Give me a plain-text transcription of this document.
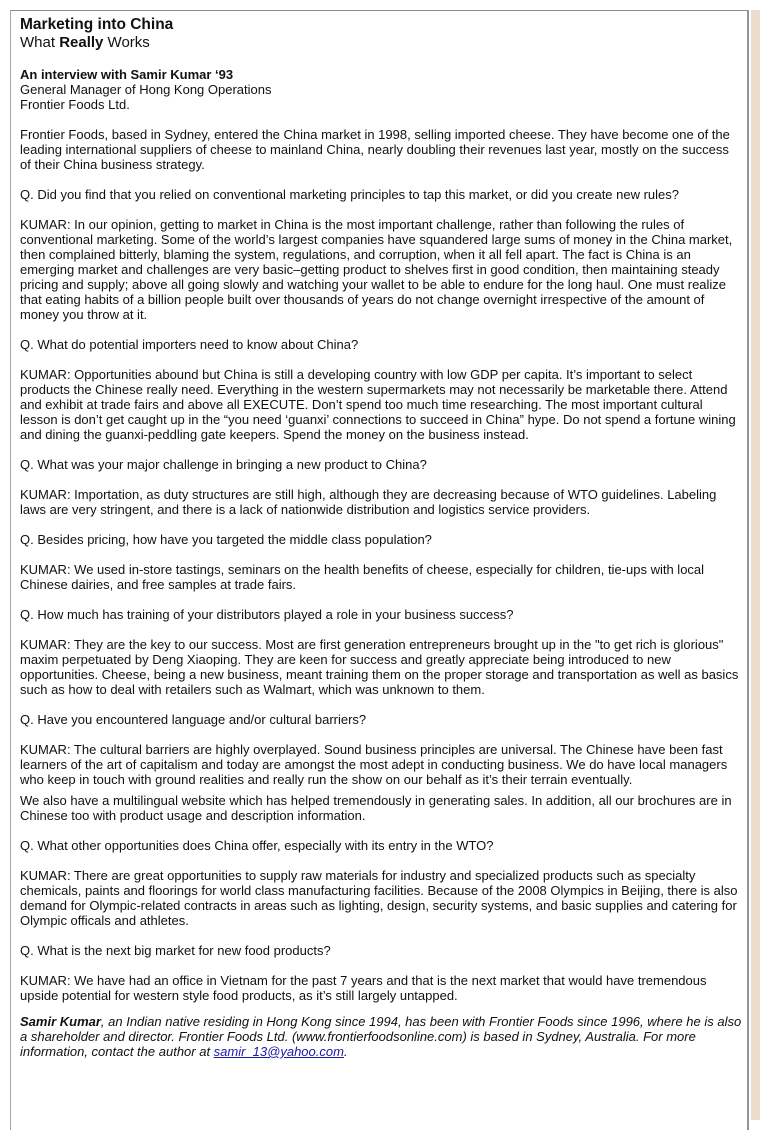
Marketing into China
What Really Works
An interview with Samir Kumar ‘93
General Manager of Hong Kong Operations
Frontier Foods Ltd.

Frontier Foods, based in Sydney, entered the China market in 1998, selling imported cheese. They have become one of the leading international suppliers of cheese to mainland China, nearly doubling their revenues last year, mostly on the success of their China business strategy.

Q. Did you find that you relied on conventional marketing principles to tap this market, or did you create new rules?

KUMAR: In our opinion, getting to market in China is the most important challenge, rather than following the rules of conventional marketing. Some of the world’s largest companies have squandered large sums of money in the China market, then complained bitterly, blaming the system, regulations, and corruption, when it all fell apart. The fact is China is an emerging market and challenges are very basic–getting product to shelves first in good condition, then maintaining steady pricing and supply; above all going slowly and watching your wallet to be able to endure for the long haul. One must realize that eating habits of a billion people built over thousands of years do not change overnight irrespective of the amount of money you throw at it.

Q. What do potential importers need to know about China?

KUMAR: Opportunities abound but China is still a developing country with low GDP per capita. It’s important to select products the Chinese really need. Everything in the western supermarkets may not necessarily be marketable there. Attend and exhibit at trade fairs and above all EXECUTE. Don’t spend too much time researching. The most important cultural lesson is don’t get caught up in the “you need ‘guanxi’ connections to succeed in China” hype. Do not spend a fortune wining and dining the guanxi-peddling gate keepers. Spend the money on the business instead.

Q. What was your major challenge in bringing a new product to China?

KUMAR: Importation, as duty structures are still high, although they are decreasing because of WTO guidelines. Labeling laws are very stringent, and there is a lack of nationwide distribution and logistics service providers.

Q. Besides pricing, how have you targeted the middle class population?

KUMAR: We used in-store tastings, seminars on the health benefits of cheese, especially for children, tie-ups with local Chinese dairies, and free samples at trade fairs.

Q. How much has training of your distributors played a role in your business success?

KUMAR: They are the key to our success. Most are first generation entrepreneurs brought up in the "to get rich is glorious" maxim perpetuated by Deng Xiaoping. They are keen for success and greatly appreciate being introduced to new opportunities. Cheese, being a new business, meant training them on the proper storage and transportation as well as basics such as how to deal with retailers such as Walmart, which was unknown to them.

Q. Have you encountered language and/or cultural barriers?

KUMAR: The cultural barriers are highly overplayed. Sound business principles are universal. The Chinese have been fast learners of the art of capitalism and today are amongst the most adept in conducting business. We do have local managers who keep in touch with ground realities and really run the show on our behalf as it’s their terrain eventually.

We also have a multilingual website which has helped tremendously in generating sales. In addition, all our brochures are in Chinese too with product usage and description information.

Q. What other opportunities does China offer, especially with its entry in the WTO?

KUMAR: There are great opportunities to supply raw materials for industry and specialized products such as specialty chemicals, paints and floorings for world class manufacturing facilities. Because of the 2008 Olympics in Beijing, there is also demand for Olympic-related contracts in areas such as lighting, design, security systems, and basic supplies and catering for Olympic officals and athletes.

Q. What is the next big market for new food products?

KUMAR: We have had an office in Vietnam for the past 7 years and that is the next market that would have tremendous upside potential for western style food products, as it’s still largely untapped.

Samir Kumar, an Indian native residing in Hong Kong since 1994, has been with Frontier Foods since 1996, where he is also a shareholder and director. Frontier Foods Ltd. (www.frontierfoodsonline.com) is based in Sydney, Australia. For more information, contact the author at samir_13@yahoo.com.
